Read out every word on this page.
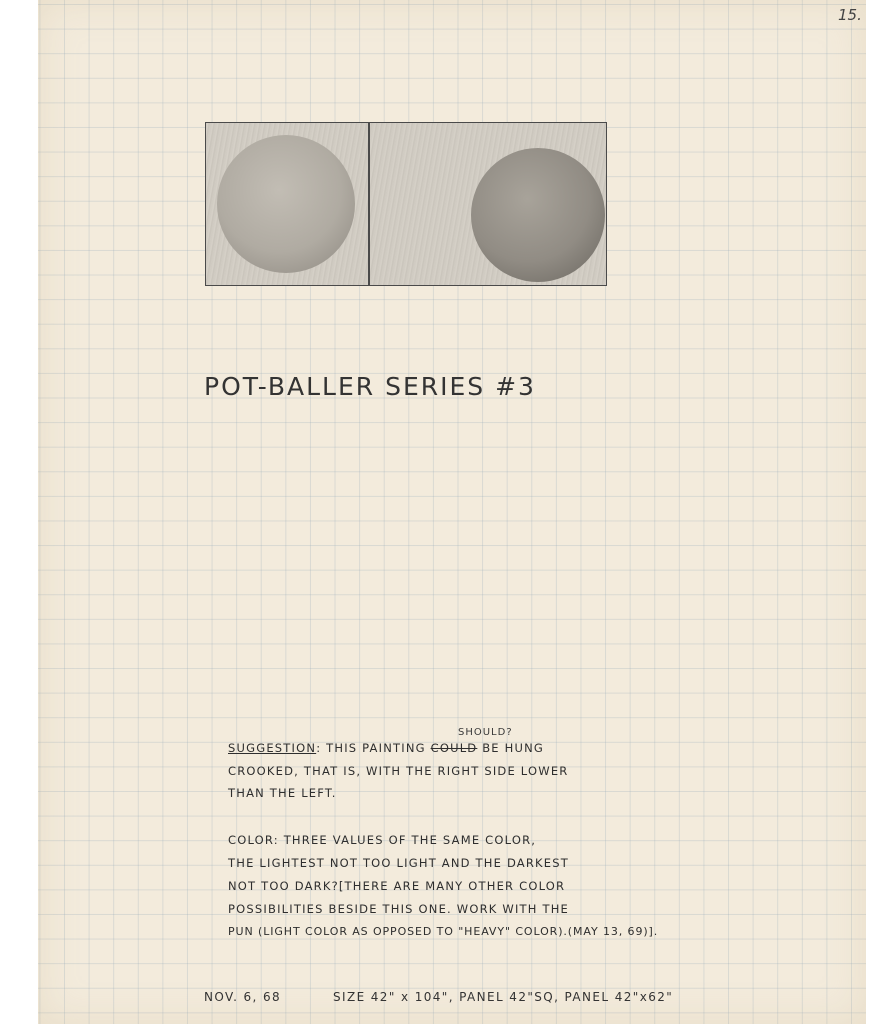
15.
POT-BALLER SERIES #3
SHOULD?
SUGGESTION: THIS PAINTING COULD BE HUNG
CROOKED, THAT IS, WITH THE RIGHT SIDE LOWER
THAN THE LEFT.
COLOR: THREE VALUES OF THE SAME COLOR,
THE LIGHTEST NOT TOO LIGHT AND THE DARKEST
NOT TOO DARK?[THERE ARE MANY OTHER COLOR
POSSIBILITIES BESIDE THIS ONE. WORK WITH THE
PUN (LIGHT COLOR AS OPPOSED TO "HEAVY" COLOR).(MAY 13, 69)].
NOV. 6, 68	SIZE 42" x 104", PANEL 42"SQ, PANEL 42"x62"
